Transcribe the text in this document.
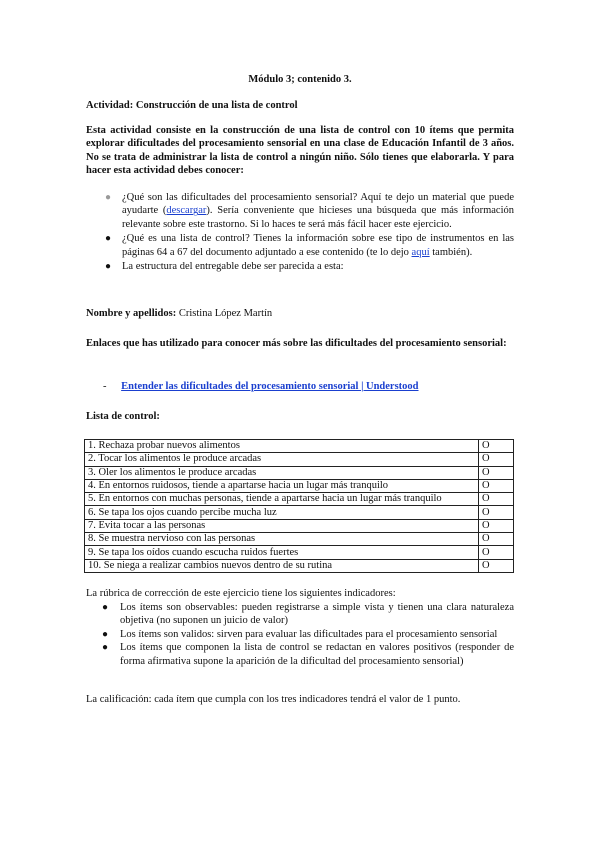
Módulo 3; contenido 3.
Actividad: Construcción de una lista de control

Esta actividad consiste en la construcción de una lista de control con 10 ítems que permita explorar dificultades del procesamiento sensorial en una clase de Educación Infantil de 3 años. No se trata de administrar la lista de control a ningún niño. Sólo tienes que elaborarla. Y para hacer esta actividad debes conocer:

● ¿Qué son las dificultades del procesamiento sensorial? Aquí te dejo un material que puede ayudarte (descargar). Sería conveniente que hicieses una búsqueda que más información relevante sobre este trastorno. Si lo haces te será más fácil hacer este ejercicio.
● ¿Qué es una lista de control? Tienes la información sobre ese tipo de instrumentos en las páginas 64 a 67 del documento adjuntado a ese contenido (te lo dejo aquí también).
● La estructura del entregable debe ser parecida a esta:
Nombre y apellidos: Cristina López Martín

Enlaces que has utilizado para conocer más sobre las dificultades del procesamiento sensorial:

- Entender las dificultades del procesamiento sensorial | Understood
Lista de control:
1. Rechaza probar nuevos alimentos	O
2. Tocar los alimentos le produce arcadas	O
3. Oler los alimentos le produce arcadas	O
4. En entornos ruidosos, tiende a apartarse hacia un lugar más tranquilo	O
5. En entornos con muchas personas, tiende a apartarse hacia un lugar más tranquilo	O
6. Se tapa los ojos cuando percibe mucha luz	O
7. Evita tocar a las personas	O
8. Se muestra nervioso con las personas	O
9. Se tapa los oídos cuando escucha ruidos fuertes	O
10. Se niega a realizar cambios nuevos dentro de su rutina	O
La rúbrica de corrección de este ejercicio tiene los siguientes indicadores:
● Los ítems son observables: pueden registrarse a simple vista y tienen una clara naturaleza objetiva (no suponen un juicio de valor)
● Los ítems son validos: sirven para evaluar las dificultades para el procesamiento sensorial
● Los ítems que componen la lista de control se redactan en valores positivos (responder de forma afirmativa supone la aparición de la dificultad del procesamiento sensorial)
La calificación: cada ítem que cumpla con los tres indicadores tendrá el valor de 1 punto.
